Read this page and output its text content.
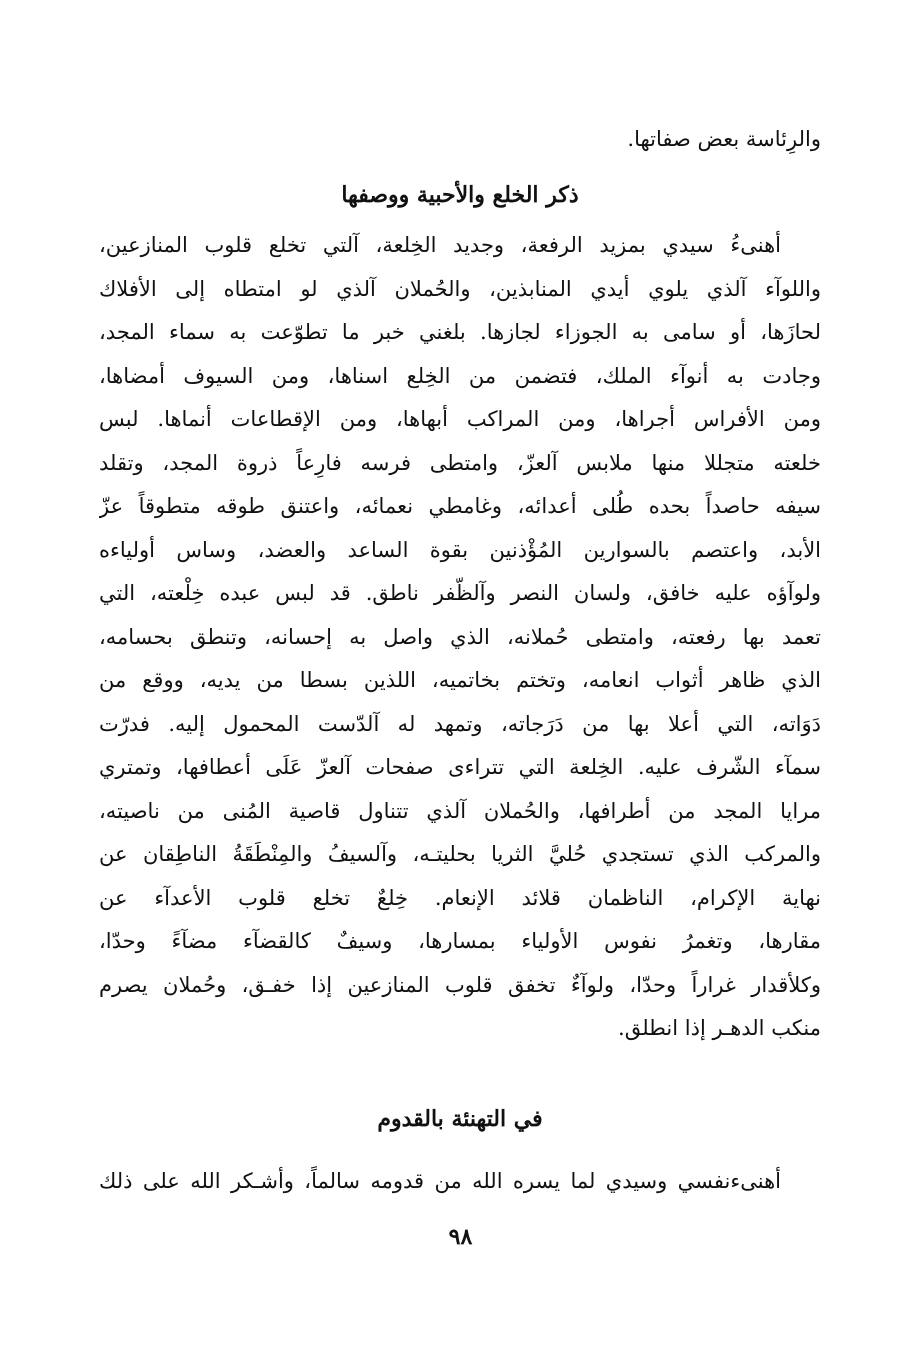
والرِئاسة بعض صفاتها.
ذكر الخلع والأحبية ووصفها
أهنىءُ سيدي بمزيد الرفعة، وجديد الخِلعة، آلتي تخلع قلوب المنازعين،
واللوآء آلذي يلوي أيدي المنابذين، والحُملان آلذي لو امتطاه إلى الأفلاك
لحازَها، أو سامى به الجوزاء لجازها. بلغني خبر ما تطوّعت به سماء المجد،
وجادت به أنوآء الملك، فتضمن من الخِلع اسناها، ومن السيوف أمضاها،
ومن الأفراس أجراها، ومن المراكب أبهاها، ومن الإقطاعات أنماها. لبس
خلعته متجللا منها ملابس آلعزّ، وامتطى فرسه فارِعاً ذروة المجد، وتقلد
سيفه حاصداً بحده طُلى أعدائه، وغامطي نعمائه، واعتنق طوقه متطوقاً عزّ
الأبد، واعتصم بالسوارين المُؤْذنين بقوة الساعد والعضد، وساس أولياءه
ولوآؤه عليه خافق، ولسان النصر وآلظّفر ناطق. قد لبس عبده خِلْعته، التي
تعمد بها رفعته، وامتطى حُملانه، الذي واصل به إحسانه، وتنطق بحسامه،
الذي ظاهر أثواب انعامه، وتختم بخاتميه، اللذين بسطا من يديه، ووقع من
دَوَاته، التي أعلا بها من دَرَجاته، وتمهد له آلدّست المحمول إليه. فدرّت
سمآء الشّرف عليه. الخِلعة التي تتراءى صفحات آلعزّ عَلَى أعطافها، وتمتري
مرايا المجد من أطرافها، والحُملان آلذي تتناول قاصية المُنى من ناصيته،
والمركب الذي تستجدي حُليَّ الثريا بحليتـه، وآلسيفُ والمِنْطَقَةُ الناطِقان عن
نهاية الإكرام، الناظمان قلائد الإنعام. خِلعٌ تخلع قلوب الأعدآء عن
مقارها، وتغمرُ نفوس الأولياء بمسارها، وسيفٌ كالقضآء مضآءً وحدّا،
وكلأقدار غراراً وحدّا، ولوآءٌ تخفق قلوب المنازعين إذا خفـق، وحُملان يصرم
منكب الدهـر إذا انطلق.
في التهنئة بالقدوم
أهنىءنفسي وسيدي لما يسره الله من قدومه سالماً، وأشـكر الله على ذلك
٩٨
